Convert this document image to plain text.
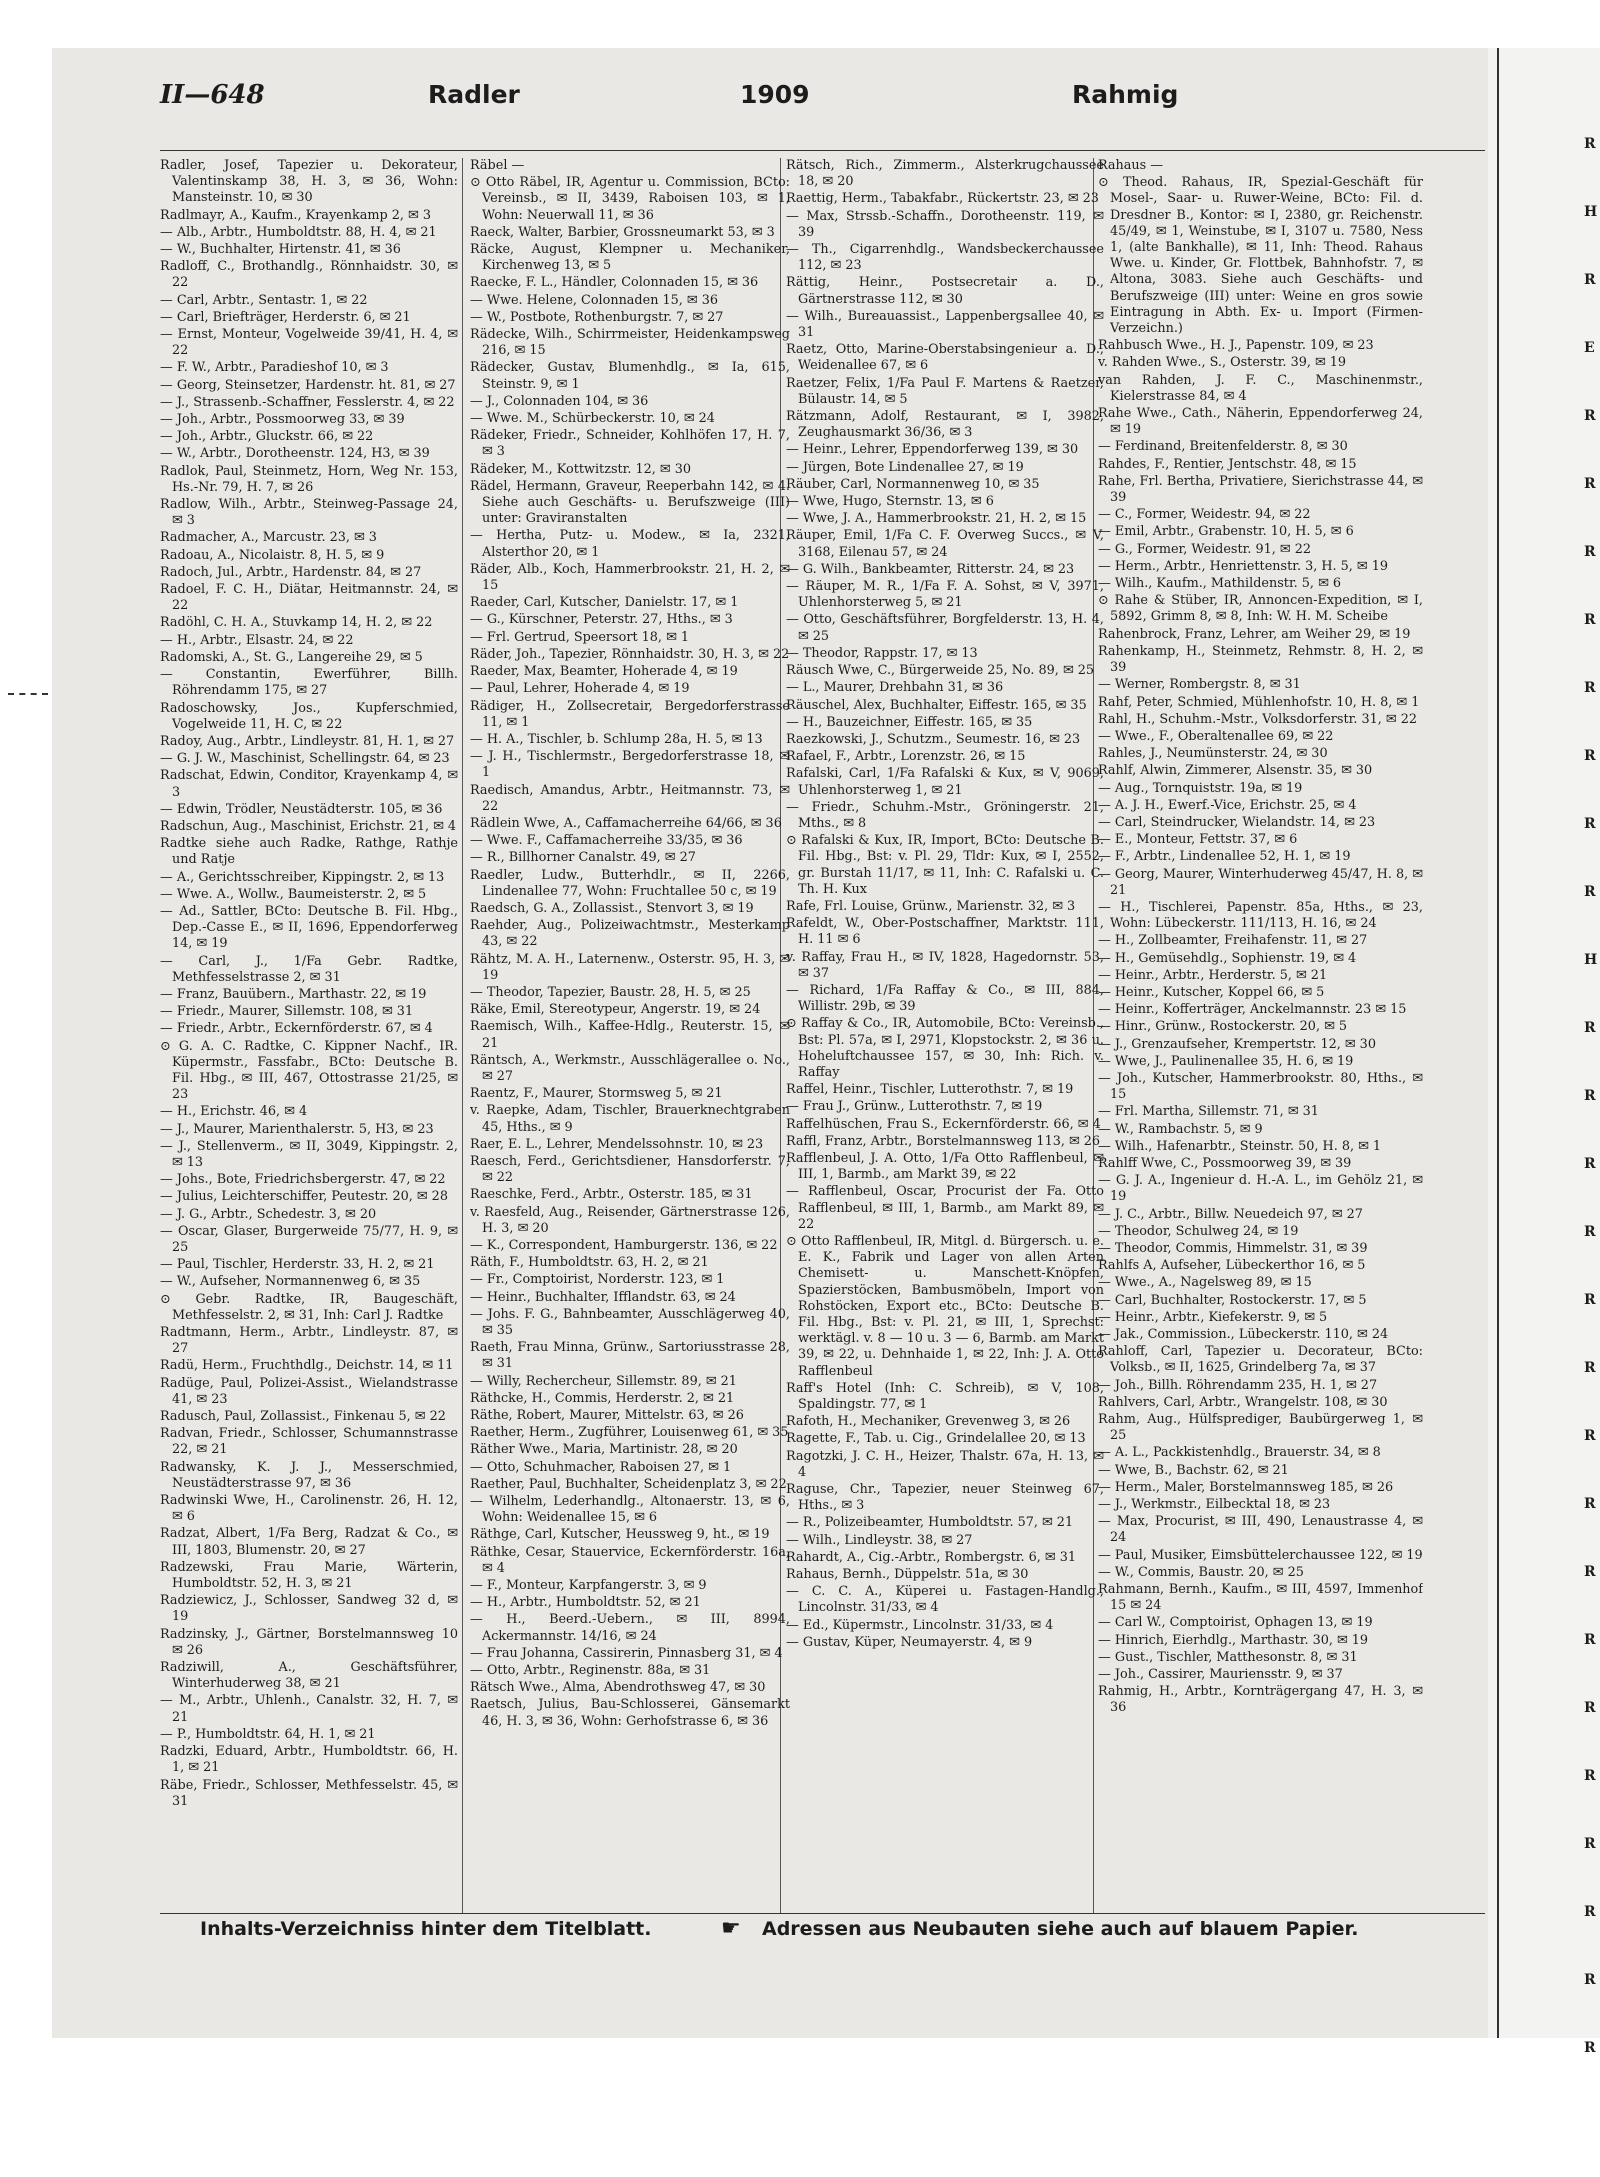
II—648	Radler	1909	Rahmig
Radler, Josef, Tapezier u. Dekorateur, Valentinskamp 38, H. 3, ✉ 36, Wohn: Mansteinstr. 10, ✉ 30
Radlmayr, A., Kaufm., Krayenkamp 2, ✉ 3
— Alb., Arbtr., Humboldtstr. 88, H. 4, ✉ 21
— W., Buchhalter, Hirtenstr. 41, ✉ 36
Radloff, C., Brothandlg., Rönnhaidstr. 30, ✉ 22
— Carl, Arbtr., Sentastr. 1, ✉ 22
— Carl, Briefträger, Herderstr. 6, ✉ 21
— Ernst, Monteur, Vogelweide 39/41, H. 4, ✉ 22
— F. W., Arbtr., Paradieshof 10, ✉ 3
— Georg, Steinsetzer, Hardenstr. ht. 81, ✉ 27
— J., Strassenb.-Schaffner, Fesslerstr. 4, ✉ 22
— Joh., Arbtr., Possmoorweg 33, ✉ 39
— Joh., Arbtr., Gluckstr. 66, ✉ 22
— W., Arbtr., Dorotheenstr. 124, H3, ✉ 39
Radlok, Paul, Steinmetz, Horn, Weg Nr. 153, Hs.-Nr. 79, H. 7, ✉ 26
Radlow, Wilh., Arbtr., Steinweg-Passage 24, ✉ 3
Radmacher, A., Marcustr. 23, ✉ 3
Radoau, A., Nicolaistr. 8, H. 5, ✉ 9
Radoch, Jul., Arbtr., Hardenstr. 84, ✉ 27
Radoel, F. C. H., Diätar, Heitmannstr. 24, ✉ 22
Radöhl, C. H. A., Stuvkamp 14, H. 2, ✉ 22
— H., Arbtr., Elsastr. 24, ✉ 22
Radomski, A., St. G., Langereihe 29, ✉ 5
— Constantin, Ewerführer, Billh. Röhrendamm 175, ✉ 27
Radoschowsky, Jos., Kupferschmied, Vogelweide 11, H. C, ✉ 22
Radoy, Aug., Arbtr., Lindleystr. 81, H. 1, ✉ 27
— G. J. W., Maschinist, Schellingstr. 64, ✉ 23
Radschat, Edwin, Conditor, Krayenkamp 4, ✉ 3
— Edwin, Trödler, Neustädterstr. 105, ✉ 36
Radschun, Aug., Maschinist, Erichstr. 21, ✉ 4
Radtke siehe auch Radke, Rathge, Rathje und Ratje
— A., Gerichtsschreiber, Kippingstr. 2, ✉ 13
— Wwe. A., Wollw., Baumeisterstr. 2, ✉ 5
— Ad., Sattler, BCto: Deutsche B. Fil. Hbg., Dep.-Casse E., ✉ II, 1696, Eppendorferweg 14, ✉ 19
— Carl, J., 1/Fa Gebr. Radtke, Methfesselstrasse 2, ✉ 31
— Franz, Bauübern., Marthastr. 22, ✉ 19
— Friedr., Maurer, Sillemstr. 108, ✉ 31
— Friedr., Arbtr., Eckernförderstr. 67, ✉ 4
⊙ G. A. C. Radtke, C. Kippner Nachf., IR. Küpermstr., Fassfabr., BCto: Deutsche B. Fil. Hbg., ✉ III, 467, Ottostrasse 21/25, ✉ 23
— H., Erichstr. 46, ✉ 4
— J., Maurer, Marienthalerstr. 5, H3, ✉ 23
— J., Stellenverm., ✉ II, 3049, Kippingstr. 2, ✉ 13
— Johs., Bote, Friedrichsbergerstr. 47, ✉ 22
— Julius, Leichterschiffer, Peutestr. 20, ✉ 28
— J. G., Arbtr., Schedestr. 3, ✉ 20
— Oscar, Glaser, Burgerweide 75/77, H. 9, ✉ 25
— Paul, Tischler, Herderstr. 33, H. 2, ✉ 21
— W., Aufseher, Normannenweg 6, ✉ 35
⊙ Gebr. Radtke, IR, Baugeschäft, Methfesselstr. 2, ✉ 31, Inh: Carl J. Radtke
Radtmann, Herm., Arbtr., Lindleystr. 87, ✉ 27
Radü, Herm., Fruchthdlg., Deichstr. 14, ✉ 11
Radüge, Paul, Polizei-Assist., Wielandstrasse 41, ✉ 23
Radusch, Paul, Zollassist., Finkenau 5, ✉ 22
Radvan, Friedr., Schlosser, Schumannstrasse 22, ✉ 21
Radwansky, K. J. J., Messerschmied, Neustädterstrasse 97, ✉ 36
Radwinski Wwe, H., Carolinenstr. 26, H. 12, ✉ 6
Radzat, Albert, 1/Fa Berg, Radzat & Co., ✉ III, 1803, Blumenstr. 20, ✉ 27
Radzewski, Frau Marie, Wärterin, Humboldtstr. 52, H. 3, ✉ 21
Radziewicz, J., Schlosser, Sandweg 32 d, ✉ 19
Radzinsky, J., Gärtner, Borstelmannsweg 10 ✉ 26
Radziwill, A., Geschäftsführer, Winterhuderweg 38, ✉ 21
— M., Arbtr., Uhlenh., Canalstr. 32, H. 7, ✉ 21
— P., Humboldtstr. 64, H. 1, ✉ 21
Radzki, Eduard, Arbtr., Humboldtstr. 66, H. 1, ✉ 21
Räbe, Friedr., Schlosser, Methfesselstr. 45, ✉ 31
Räbel —
⊙ Otto Räbel, IR, Agentur u. Commission, BCto: Vereinsb., ✉ II, 3439, Raboisen 103, ✉ 1, Wohn: Neuerwall 11, ✉ 36
Raeck, Walter, Barbier, Grossneumarkt 53, ✉ 3
Räcke, August, Klempner u. Mechaniker, Kirchenweg 13, ✉ 5
Raecke, F. L., Händler, Colonnaden 15, ✉ 36
— Wwe. Helene, Colonnaden 15, ✉ 36
— W., Postbote, Rothenburgstr. 7, ✉ 27
Rädecke, Wilh., Schirrmeister, Heidenkampsweg 216, ✉ 15
Rädecker, Gustav, Blumenhdlg., ✉ Ia, 615, Steinstr. 9, ✉ 1
— J., Colonnaden 104, ✉ 36
— Wwe. M., Schürbeckerstr. 10, ✉ 24
Rädeker, Friedr., Schneider, Kohlhöfen 17, H. 7, ✉ 3
Rädeker, M., Kottwitzstr. 12, ✉ 30
Rädel, Hermann, Graveur, Reeperbahn 142, ✉ 4. Siehe auch Geschäfts- u. Berufszweige (III) unter: Graviranstalten
— Hertha, Putz- u. Modew., ✉ Ia, 2321, Alsterthor 20, ✉ 1
Räder, Alb., Koch, Hammerbrookstr. 21, H. 2, ✉ 15
Raeder, Carl, Kutscher, Danielstr. 17, ✉ 1
— G., Kürschner, Peterstr. 27, Hths., ✉ 3
— Frl. Gertrud, Speersort 18, ✉ 1
Räder, Joh., Tapezier, Rönnhaidstr. 30, H. 3, ✉ 22
Raeder, Max, Beamter, Hoherade 4, ✉ 19
— Paul, Lehrer, Hoherade 4, ✉ 19
Rädiger, H., Zollsecretair, Bergedorferstrasse 11, ✉ 1
— H. A., Tischler, b. Schlump 28a, H. 5, ✉ 13
— J. H., Tischlermstr., Bergedorferstrasse 18, ✉ 1
Raedisch, Amandus, Arbtr., Heitmannstr. 73, ✉ 22
Rädlein Wwe, A., Caffamacherreihe 64/66, ✉ 36
— Wwe. F., Caffamacherreihe 33/35, ✉ 36
— R., Billhorner Canalstr. 49, ✉ 27
Raedler, Ludw., Butterhdlr., ✉ II, 2266, Lindenallee 77, Wohn: Fruchtallee 50 c, ✉ 19
Raedsch, G. A., Zollassist., Stenvort 3, ✉ 19
Raehder, Aug., Polizeiwachtmstr., Mesterkamp 43, ✉ 22
Rähtz, M. A. H., Laternenw., Osterstr. 95, H. 3, ✉ 19
— Theodor, Tapezier, Baustr. 28, H. 5, ✉ 25
Räke, Emil, Stereotypeur, Angerstr. 19, ✉ 24
Raemisch, Wilh., Kaffee-Hdlg., Reuterstr. 15, ✉ 21
Räntsch, A., Werkmstr., Ausschlägerallee o. No., ✉ 27
Raentz, F., Maurer, Stormsweg 5, ✉ 21
v. Raepke, Adam, Tischler, Brauerknechtgraben 45, Hths., ✉ 9
Raer, E. L., Lehrer, Mendelssohnstr. 10, ✉ 23
Raesch, Ferd., Gerichtsdiener, Hansdorferstr. 7, ✉ 22
Raeschke, Ferd., Arbtr., Osterstr. 185, ✉ 31
v. Raesfeld, Aug., Reisender, Gärtnerstrasse 126, H. 3, ✉ 20
— K., Correspondent, Hamburgerstr. 136, ✉ 22
Räth, F., Humboldtstr. 63, H. 2, ✉ 21
— Fr., Comptoirist, Norderstr. 123, ✉ 1
— Heinr., Buchhalter, Ifflandstr. 63, ✉ 24
— Johs. F. G., Bahnbeamter, Ausschlägerweg 40, ✉ 35
Raeth, Frau Minna, Grünw., Sartoriusstrasse 28, ✉ 31
— Willy, Rechercheur, Sillemstr. 89, ✉ 21
Räthcke, H., Commis, Herderstr. 2, ✉ 21
Räthe, Robert, Maurer, Mittelstr. 63, ✉ 26
Raether, Herm., Zugführer, Louisenweg 61, ✉ 35
Räther Wwe., Maria, Martinistr. 28, ✉ 20
— Otto, Schuhmacher, Raboisen 27, ✉ 1
Raether, Paul, Buchhalter, Scheidenplatz 3, ✉ 22
— Wilhelm, Lederhandlg., Altonaerstr. 13, ✉ 6, Wohn: Weidenallee 15, ✉ 6
Räthge, Carl, Kutscher, Heussweg 9, ht., ✉ 19
Räthke, Cesar, Stauervice, Eckernförderstr. 16a, ✉ 4
— F., Monteur, Karpfangerstr. 3, ✉ 9
— H., Arbtr., Humboldtstr. 52, ✉ 21
— H., Beerd.-Uebern., ✉ III, 8994, Ackermannstr. 14/16, ✉ 24
— Frau Johanna, Cassirerin, Pinnasberg 31, ✉ 4
— Otto, Arbtr., Reginenstr. 88a, ✉ 31
Rätsch Wwe., Alma, Abendrothsweg 47, ✉ 30
Raetsch, Julius, Bau-Schlosserei, Gänsemarkt 46, H. 3, ✉ 36, Wohn: Gerhofstrasse 6, ✉ 36
Rätsch, Rich., Zimmerm., Alsterkrugchaussee 18, ✉ 20
Raettig, Herm., Tabakfabr., Rückertstr. 23, ✉ 23
— Max, Strssb.-Schaffn., Dorotheenstr. 119, ✉ 39
— Th., Cigarrenhdlg., Wandsbeckerchaussee 112, ✉ 23
Rättig, Heinr., Postsecretair a. D., Gärtnerstrasse 112, ✉ 30
— Wilh., Bureauassist., Lappenbergsallee 40, ✉ 31
Raetz, Otto, Marine-Oberstabsingenieur a. D., Weidenallee 67, ✉ 6
Raetzer, Felix, 1/Fa Paul F. Martens & Raetzer, Bülaustr. 14, ✉ 5
Rätzmann, Adolf, Restaurant, ✉ I, 3982, Zeughausmarkt 36/36, ✉ 3
— Heinr., Lehrer, Eppendorferweg 139, ✉ 30
— Jürgen, Bote Lindenallee 27, ✉ 19
Räuber, Carl, Normannenweg 10, ✉ 35
— Wwe, Hugo, Sternstr. 13, ✉ 6
— Wwe, J. A., Hammerbrookstr. 21, H. 2, ✉ 15
Räuper, Emil, 1/Fa C. F. Overweg Succs., ✉ V, 3168, Eilenau 57, ✉ 24
— G. Wilh., Bankbeamter, Ritterstr. 24, ✉ 23
— Räuper, M. R., 1/Fa F. A. Sohst, ✉ V, 3971, Uhlenhorsterweg 5, ✉ 21
— Otto, Geschäftsführer, Borgfelderstr. 13, H. 4, ✉ 25
— Theodor, Rappstr. 17, ✉ 13
Räusch Wwe, C., Bürgerweide 25, No. 89, ✉ 25
— L., Maurer, Drehbahn 31, ✉ 36
Räuschel, Alex, Buchhalter, Eiffestr. 165, ✉ 35
— H., Bauzeichner, Eiffestr. 165, ✉ 35
Raezkowski, J., Schutzm., Seumestr. 16, ✉ 23
Rafael, F., Arbtr., Lorenzstr. 26, ✉ 15
Rafalski, Carl, 1/Fa Rafalski & Kux, ✉ V, 9069, Uhlenhorsterweg 1, ✉ 21
— Friedr., Schuhm.-Mstr., Gröningerstr. 21, Mths., ✉ 8
⊙ Rafalski & Kux, IR, Import, BCto: Deutsche B. Fil. Hbg., Bst: v. Pl. 29, Tldr: Kux, ✉ I, 2552, gr. Burstah 11/17, ✉ 11, Inh: C. Rafalski u. C. Th. H. Kux
Rafe, Frl. Louise, Grünw., Marienstr. 32, ✉ 3
Rafeldt, W., Ober-Postschaffner, Marktstr. 111, H. 11 ✉ 6
v. Raffay, Frau H., ✉ IV, 1828, Hagedornstr. 53, ✉ 37
— Richard, 1/Fa Raffay & Co., ✉ III, 884, Willistr. 29b, ✉ 39
⊙ Raffay & Co., IR, Automobile, BCto: Vereinsb., Bst: Pl. 57a, ✉ I, 2971, Klopstockstr. 2, ✉ 36 u. Hoheluftchaussee 157, ✉ 30, Inh: Rich. v. Raffay
Raffel, Heinr., Tischler, Lutterothstr. 7, ✉ 19
— Frau J., Grünw., Lutterothstr. 7, ✉ 19
Raffelhüschen, Frau S., Eckernförderstr. 66, ✉ 4
Raffl, Franz, Arbtr., Borstelmannsweg 113, ✉ 26
Rafflenbeul, J. A. Otto, 1/Fa Otto Rafflenbeul, ✉ III, 1, Barmb., am Markt 39, ✉ 22
— Rafflenbeul, Oscar, Procurist der Fa. Otto Rafflenbeul, ✉ III, 1, Barmb., am Markt 89, ✉ 22
⊙ Otto Rafflenbeul, IR, Mitgl. d. Bürgersch. u. e. E. K., Fabrik und Lager von allen Arten Chemisett- u. Manschett-Knöpfen, Spazierstöcken, Bambusmöbeln, Import von Rohstöcken, Export etc., BCto: Deutsche B. Fil. Hbg., Bst: v. Pl. 21, ✉ III, 1, Sprechst: werktägl. v. 8 — 10 u. 3 — 6, Barmb. am Markt 39, ✉ 22, u. Dehnhaide 1, ✉ 22, Inh: J. A. Otto Rafflenbeul
Raff's Hotel (Inh: C. Schreib), ✉ V, 108, Spaldingstr. 77, ✉ 1
Rafoth, H., Mechaniker, Grevenweg 3, ✉ 26
Ragette, F., Tab. u. Cig., Grindelallee 20, ✉ 13
Ragotzki, J. C. H., Heizer, Thalstr. 67a, H. 13, ✉ 4
Raguse, Chr., Tapezier, neuer Steinweg 67, Hths., ✉ 3
— R., Polizeibeamter, Humboldtstr. 57, ✉ 21
— Wilh., Lindleystr. 38, ✉ 27
Rahardt, A., Cig.-Arbtr., Rombergstr. 6, ✉ 31
Rahaus, Bernh., Düppelstr. 51a, ✉ 30
— C. C. A., Küperei u. Fastagen-Handlg., Lincolnstr. 31/33, ✉ 4
— Ed., Küpermstr., Lincolnstr. 31/33, ✉ 4
— Gustav, Küper, Neumayerstr. 4, ✉ 9
Rahaus —
⊙ Theod. Rahaus, IR, Spezial-Geschäft für Mosel-, Saar- u. Ruwer-Weine, BCto: Fil. d. Dresdner B., Kontor: ✉ I, 2380, gr. Reichenstr. 45/49, ✉ 1, Weinstube, ✉ I, 3107 u. 7580, Ness 1, (alte Bankhalle), ✉ 11, Inh: Theod. Rahaus Wwe. u. Kinder, Gr. Flottbek, Bahnhofstr. 7, ✉ Altona, 3083. Siehe auch Geschäfts- und Berufszweige (III) unter: Weine en gros sowie Eintragung in Abth. Ex- u. Import (Firmen-Verzeichn.)
Rahbusch Wwe., H. J., Papenstr. 109, ✉ 23
v. Rahden Wwe., S., Osterstr. 39, ✉ 19
van Rahden, J. F. C., Maschinenmstr., Kielerstrasse 84, ✉ 4
Rahe Wwe., Cath., Näherin, Eppendorferweg 24, ✉ 19
— Ferdinand, Breitenfelderstr. 8, ✉ 30
Rahdes, F., Rentier, Jentschstr. 48, ✉ 15
Rahe, Frl. Bertha, Privatiere, Sierichstrasse 44, ✉ 39
— C., Former, Weidestr. 94, ✉ 22
— Emil, Arbtr., Grabenstr. 10, H. 5, ✉ 6
— G., Former, Weidestr. 91, ✉ 22
— Herm., Arbtr., Henriettenstr. 3, H. 5, ✉ 19
— Wilh., Kaufm., Mathildenstr. 5, ✉ 6
⊙ Rahe & Stüber, IR, Annoncen-Expedition, ✉ I, 5892, Grimm 8, ✉ 8, Inh: W. H. M. Scheibe
Rahenbrock, Franz, Lehrer, am Weiher 29, ✉ 19
Rahenkamp, H., Steinmetz, Rehmstr. 8, H. 2, ✉ 39
— Werner, Rombergstr. 8, ✉ 31
Rahf, Peter, Schmied, Mühlenhofstr. 10, H. 8, ✉ 1
Rahl, H., Schuhm.-Mstr., Volksdorferstr. 31, ✉ 22
— Wwe., F., Oberaltenallee 69, ✉ 22
Rahles, J., Neumünsterstr. 24, ✉ 30
Rahlf, Alwin, Zimmerer, Alsenstr. 35, ✉ 30
— Aug., Tornquiststr. 19a, ✉ 19
— A. J. H., Ewerf.-Vice, Erichstr. 25, ✉ 4
— Carl, Steindrucker, Wielandstr. 14, ✉ 23
— E., Monteur, Fettstr. 37, ✉ 6
— F., Arbtr., Lindenallee 52, H. 1, ✉ 19
— Georg, Maurer, Winterhuderweg 45/47, H. 8, ✉ 21
— H., Tischlerei, Papenstr. 85a, Hths., ✉ 23, Wohn: Lübeckerstr. 111/113, H. 16, ✉ 24
— H., Zollbeamter, Freihafenstr. 11, ✉ 27
— H., Gemüsehdlg., Sophienstr. 19, ✉ 4
— Heinr., Arbtr., Herderstr. 5, ✉ 21
— Heinr., Kutscher, Koppel 66, ✉ 5
— Heinr., Kofferträger, Anckelmannstr. 23 ✉ 15
— Hinr., Grünw., Rostockerstr. 20, ✉ 5
— J., Grenzaufseher, Krempertstr. 12, ✉ 30
— Wwe, J., Paulinenallee 35, H. 6, ✉ 19
— Joh., Kutscher, Hammerbrookstr. 80, Hths., ✉ 15
— Frl. Martha, Sillemstr. 71, ✉ 31
— W., Rambachstr. 5, ✉ 9
— Wilh., Hafenarbtr., Steinstr. 50, H. 8, ✉ 1
Rahlff Wwe, C., Possmoorweg 39, ✉ 39
— G. J. A., Ingenieur d. H.-A. L., im Gehölz 21, ✉ 19
— J. C., Arbtr., Billw. Neuedeich 97, ✉ 27
— Theodor, Schulweg 24, ✉ 19
— Theodor, Commis, Himmelstr. 31, ✉ 39
Rahlfs A, Aufseher, Lübeckerthor 16, ✉ 5
— Wwe., A., Nagelsweg 89, ✉ 15
— Carl, Buchhalter, Rostockerstr. 17, ✉ 5
— Heinr., Arbtr., Kiefekerstr. 9, ✉ 5
— Jak., Commission., Lübeckerstr. 110, ✉ 24
Rahloff, Carl, Tapezier u. Decorateur, BCto: Volksb., ✉ II, 1625, Grindelberg 7a, ✉ 37
— Joh., Billh. Röhrendamm 235, H. 1, ✉ 27
Rahlvers, Carl, Arbtr., Wrangelstr. 108, ✉ 30
Rahm, Aug., Hülfsprediger, Baubürgerweg 1, ✉ 25
— A. L., Packkistenhdlg., Brauerstr. 34, ✉ 8
— Wwe, B., Bachstr. 62, ✉ 21
— Herm., Maler, Borstelmannsweg 185, ✉ 26
— J., Werkmstr., Eilbecktal 18, ✉ 23
— Max, Procurist, ✉ III, 490, Lenaustrasse 4, ✉ 24
— Paul, Musiker, Eimsbüttelerchaussee 122, ✉ 19
— W., Commis, Baustr. 20, ✉ 25
Rahmann, Bernh., Kaufm., ✉ III, 4597, Immenhof 15 ✉ 24
— Carl W., Comptoirist, Ophagen 13, ✉ 19
— Hinrich, Eierhdlg., Marthastr. 30, ✉ 19
— Gust., Tischler, Matthesonstr. 8, ✉ 31
— Joh., Cassirer, Mauriensstr. 9, ✉ 37
Rahmig, H., Arbtr., Kornträgergang 47, H. 3, ✉ 36
Inhalts-Verzeichniss hinter dem Titelblatt.	☛ Adressen aus Neubauten siehe auch auf blauem Papier.
R
H
R
E
R
R
R
R
R
R
R
R
H
R
R
R
R
R
R
R
R
R
R
R
R
R
R
R
R
